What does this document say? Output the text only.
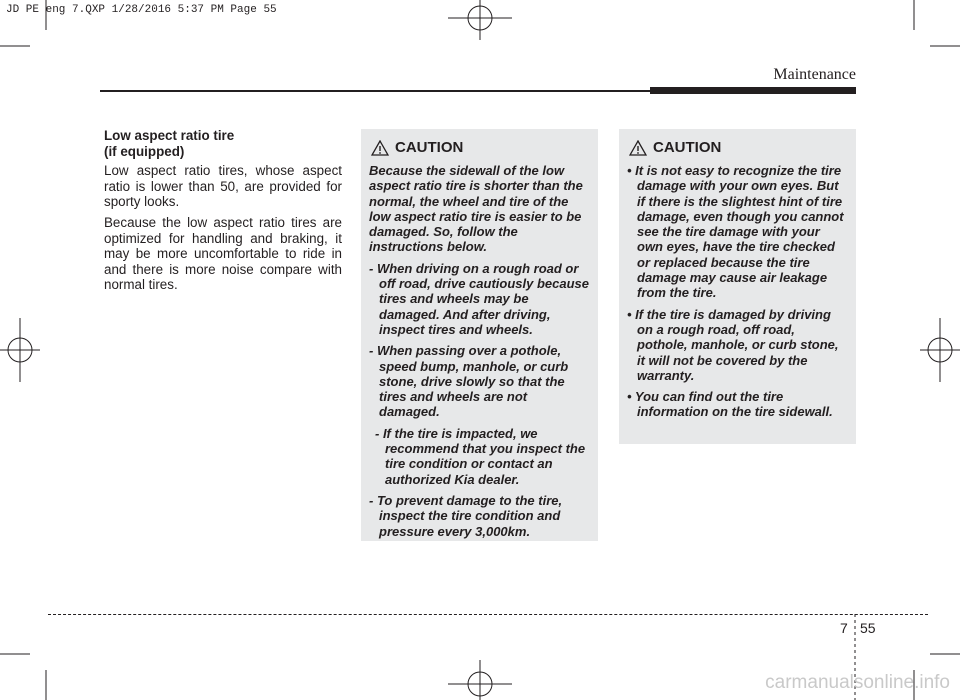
JD PE eng 7.QXP 1/28/2016 5:37 PM Page 55
Maintenance
Low aspect ratio tire
(if equipped)

Low aspect ratio tires, whose aspect ratio is lower than 50, are provided for sporty looks.

Because the low aspect ratio tires are optimized for handling and braking, it may be more uncomfortable to ride in and there is more noise compare with normal tires.

CAUTION

Because the sidewall of the low aspect ratio tire is shorter than the normal, the wheel and tire of the low aspect ratio tire is easier to be damaged. So, follow the instructions below.

- When driving on a rough road or off road, drive cautiously because tires and wheels may be damaged. And after driving, inspect tires and wheels.

- When passing over a pothole, speed bump, manhole, or curb stone, drive slowly so that the tires and wheels are not damaged.

- If the tire is impacted, we recommend that you inspect the tire condition or contact an authorized Kia dealer.

- To prevent damage to the tire, inspect the tire condition and pressure every 3,000km.

CAUTION

• It is not easy to recognize the tire damage with your own eyes. But if there is the slightest hint of tire damage, even though you cannot see the tire damage with your own eyes, have the tire checked or replaced because the tire damage may cause air leakage from the tire.

• If the tire is damaged by driving on a rough road, off road, pothole, manhole, or curb stone, it will not be covered by the warranty.

• You can find out the tire information on the tire sidewall.

7 55
carmanualsonline.info
